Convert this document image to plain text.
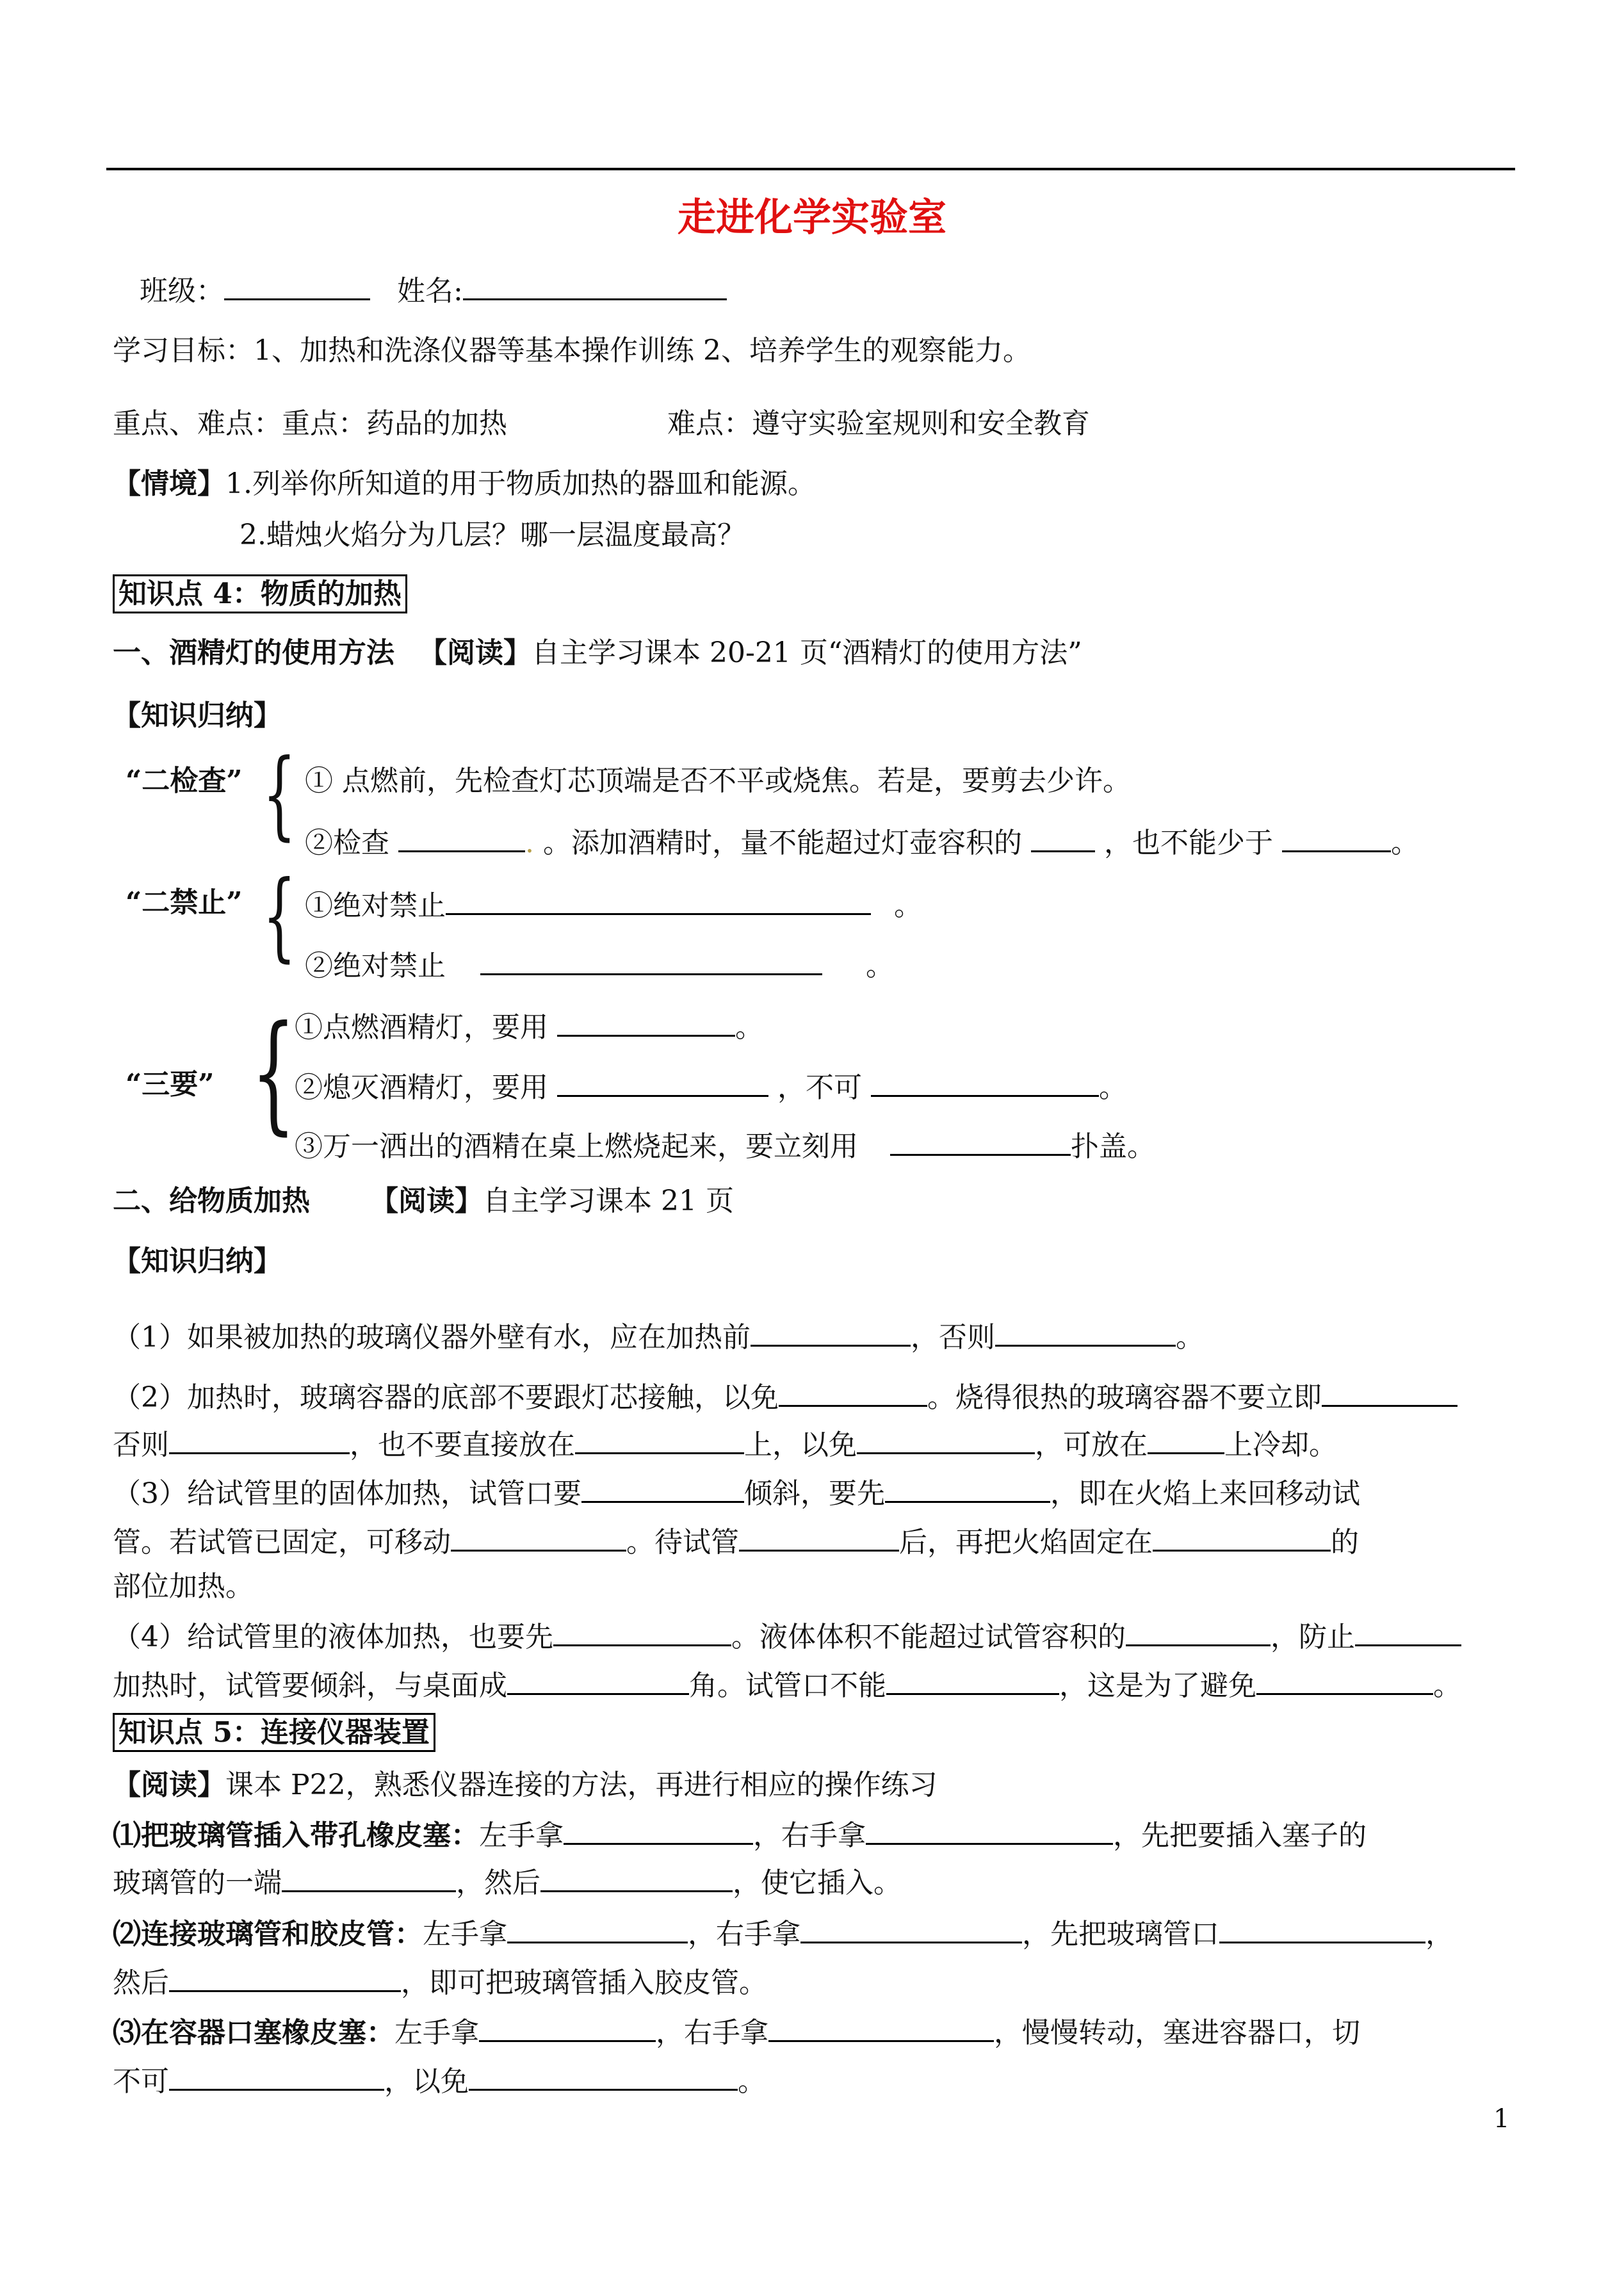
走进化学实验室
班级：	姓名:
学习目标：1、加热和洗涤仪器等基本操作训练 2、培养学生的观察能力。
重点、难点：重点：药品的加热	难点：遵守实验室规则和安全教育
【情境】1.列举你所知道的用于物质加热的器皿和能源。
2.蜡烛火焰分为几层？哪一层温度最高？
知识点 4：物质的加热
一、酒精灯的使用方法 【阅读】自主学习课本 20-21 页“酒精灯的使用方法”
【知识归纳】
“二检查” { ① 点燃前，先检查灯芯顶端是否不平或烧焦。若是，要剪去少许。
②检查	. 。添加酒精时，量不能超过灯壶容积的	，也不能少于	。
“二禁止” { ①绝对禁止	。
②绝对禁止	。
{
①点燃酒精灯，要用	。
“三要”	②熄灭酒精灯，要用	，不可	。
③万一洒出的酒精在桌上燃烧起来，要立刻用	扑盖。
二、给物质加热 【阅读】自主学习课本 21 页
【知识归纳】
（1）如果被加热的玻璃仪器外壁有水，应在加热前	，否则	。
（2）加热时，玻璃容器的底部不要跟灯芯接触，以免	。烧得很热的玻璃容器不要立即
否则	，也不要直接放在	上，以免	，可放在	上冷却。
（3）给试管里的固体加热，试管口要	倾斜，要先	，即在火焰上来回移动试
管。若试管已固定，可移动	。待试管	后，再把火焰固定在	的
部位加热。
（4）给试管里的液体加热，也要先	。液体体积不能超过试管容积的	，防止
加热时，试管要倾斜，与桌面成	角。试管口不能	，这是为了避免	。
知识点 5：连接仪器装置
【阅读】课本 P22，熟悉仪器连接的方法，再进行相应的操作练习
⑴把玻璃管插入带孔橡皮塞：左手拿	，右手拿	，先把要插入塞子的
玻璃管的一端	，然后	，使它插入。
⑵连接玻璃管和胶皮管：左手拿	，右手拿	，先把玻璃管口	，
然后	，即可把玻璃管插入胶皮管。
⑶在容器口塞橡皮塞：左手拿	，右手拿	，慢慢转动，塞进容器口，切
不可	，以免	。
1
